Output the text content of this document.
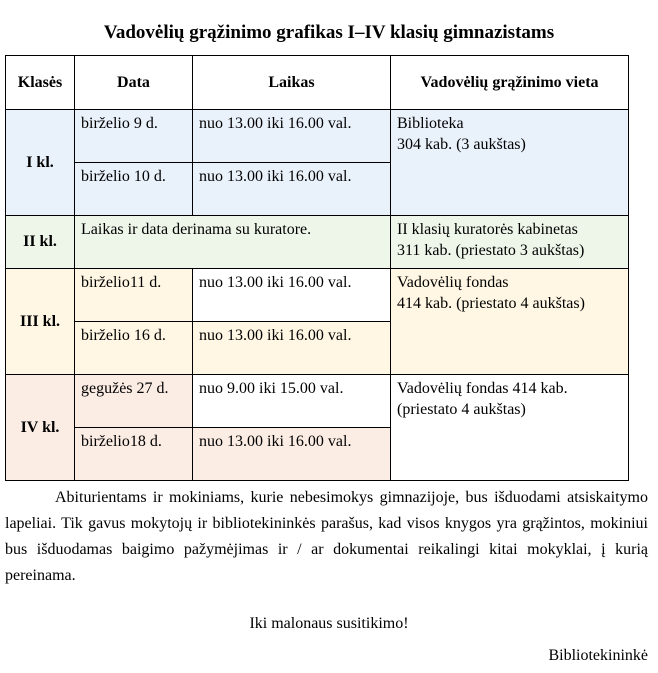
Vadovėlių grąžinimo grafikas I–IV klasių gimnazistams
Klasės	Data	Laikas	Vadovėlių grąžinimo vieta
I kl.	birželio 9 d.	nuo 13.00 iki 16.00 val.	Biblioteka
304 kab. (3 aukštas)

	birželio 10 d.	nuo 13.00 iki 16.00 val.	

II kl.	Laikas ir data derinama su kuratore.		II klasių kuratorės kabinetas
311 kab. (priestato 3 aukštas)

III kl.	birželio11 d.	nuo 13.00 iki 16.00 val.	Vadovėlių fondas
414 kab. (priestato 4 aukštas)

	birželio 16 d.	nuo 13.00 iki 16.00 val.	

IV kl.	gegužės 27 d.	nuo 9.00 iki 15.00 val.	Vadovėlių fondas 414 kab.
(priestato 4 aukštas)

	birželio18 d.	nuo 13.00 iki 16.00 val.	

Abiturientams ir mokiniams, kurie nebesimokys gimnazijoje, bus išduodami atsiskaitymo lapeliai. Tik gavus mokytojų ir bibliotekininkės parašus, kad visos knygos yra grąžintos, mokiniui bus išduodamas baigimo pažymėjimas ir / ar dokumentai reikalingi kitai mokyklai, į kurią pereinama.

Iki malonaus susitikimo!
Bibliotekininkė
